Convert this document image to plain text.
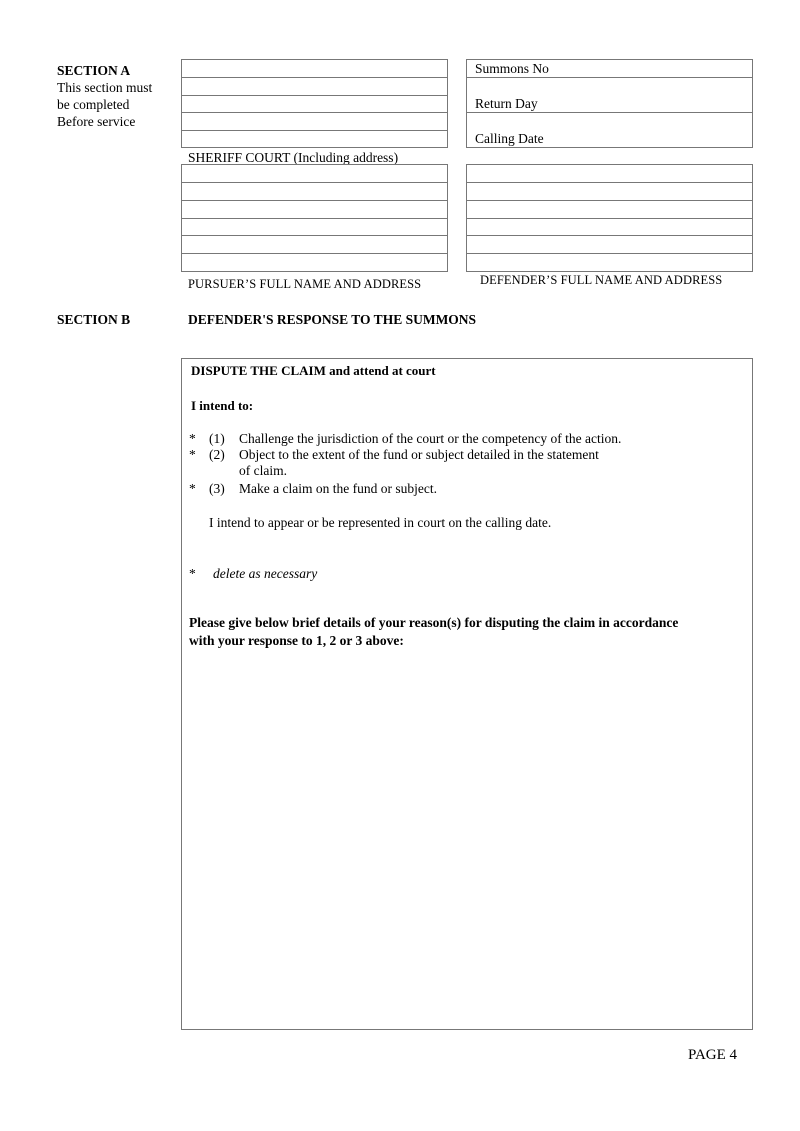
SECTION A
This section must
be completed
Before service
SHERIFF COURT (Including address)
Summons No
Return Day
Calling Date
PURSUER’S FULL NAME AND ADDRESS	DEFENDER’S FULL NAME AND ADDRESS
SECTION B	DEFENDER'S RESPONSE TO THE SUMMONS
DISPUTE THE CLAIM and attend at court
I intend to:
* (1) Challenge the jurisdiction of the court or the competency of the action.
* (2) Object to the extent of the fund or subject detailed in the statement
of claim.
* (3) Make a claim on the fund or subject.
I intend to appear or be represented in court on the calling date.
* delete as necessary
Please give below brief details of your reason(s) for disputing the claim in accordance
with your response to 1, 2 or 3 above:
PAGE 4
